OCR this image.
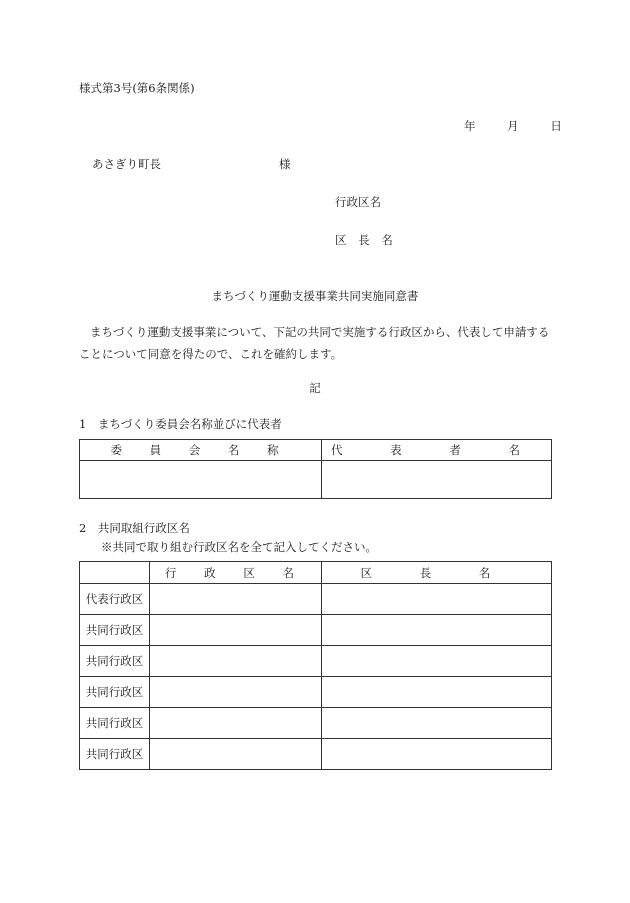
様式第3号(第6条関係)
年	月	日
あさぎり町長	様
行政区名
区 長 名
まちづくり運動支援事業共同実施同意書
まちづくり運動支援事業について、下記の共同で実施する行政区から、代表して申請することについて同意を得たので、これを確約します。
記
1　まちづくり委員会名称並びに代表者
委 員 会 名 称	代 表 者 名

2　共同取組行政区名
※共同で取り組む行政区名を全て記入してください。
	行 政 区 名	区 長 名
代表行政区		
共同行政区		
共同行政区		
共同行政区		
共同行政区		
共同行政区		
